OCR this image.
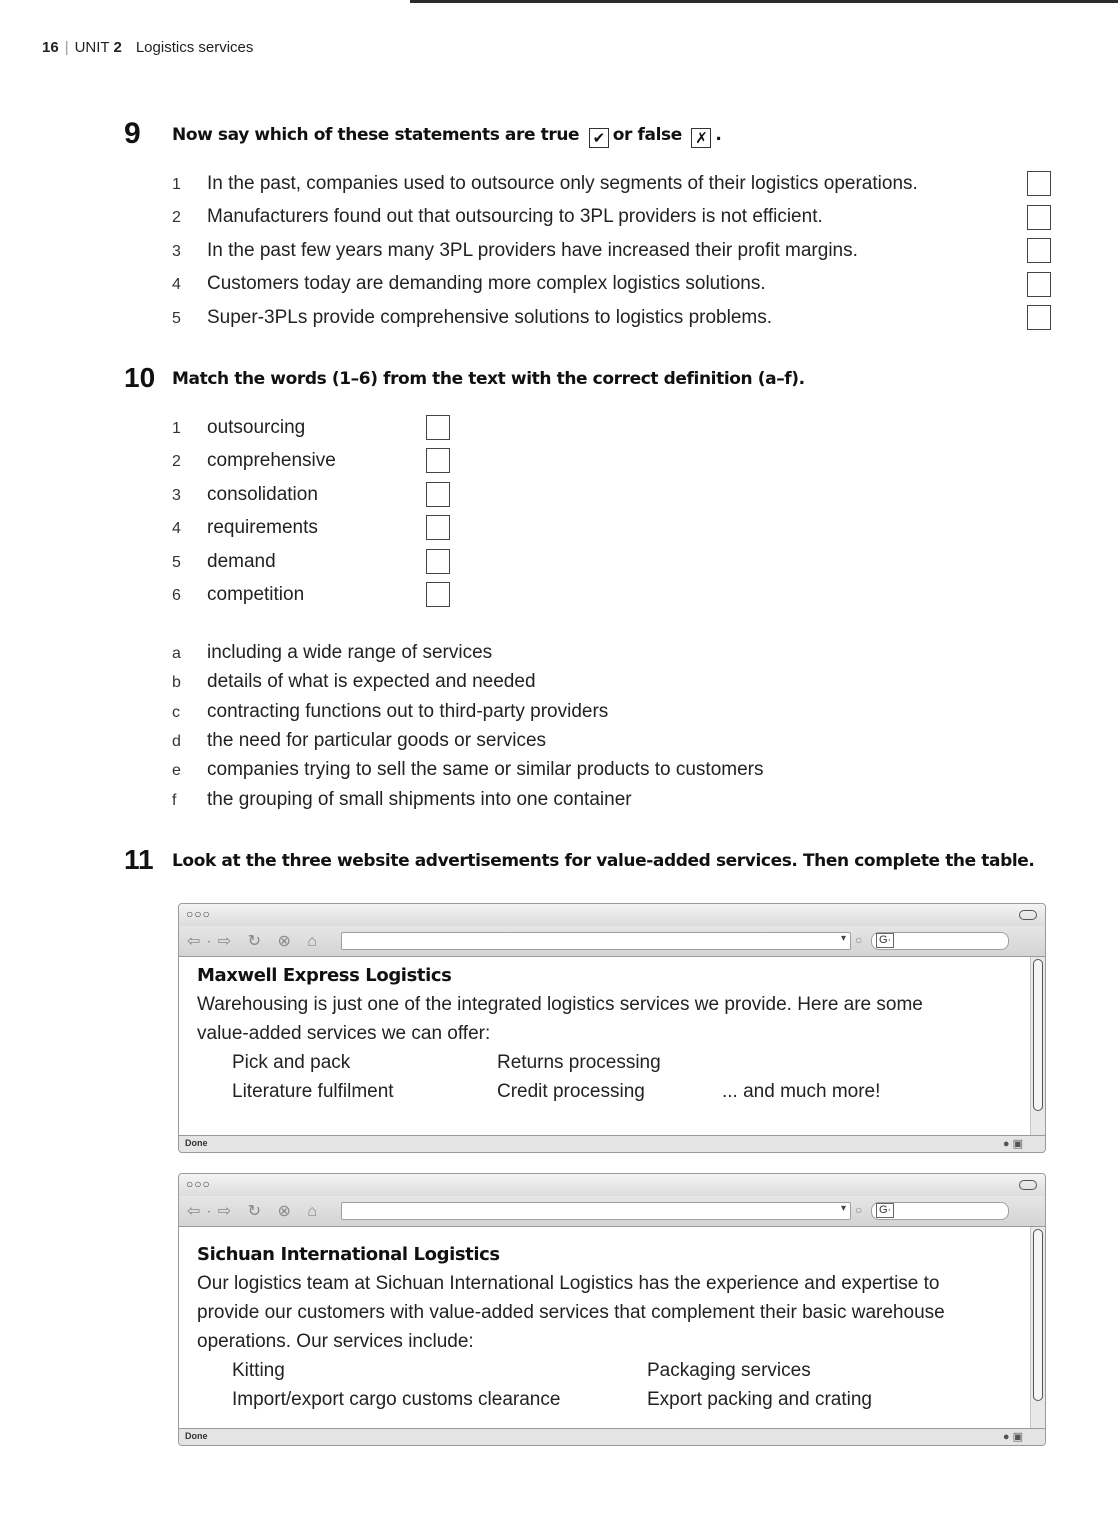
16 | UNIT 2 Logistics services
9 Now say which of these statements are true ✔ or false ✗ .
1 In the past, companies used to outsource only segments of their logistics operations.
2 Manufacturers found out that outsourcing to 3PL providers is not efficient.
3 In the past few years many 3PL providers have increased their profit margins.
4 Customers today are demanding more complex logistics solutions.
5 Super-3PLs provide comprehensive solutions to logistics problems.
10 Match the words (1–6) from the text with the correct definition (a–f).
1 outsourcing
2 comprehensive
3 consolidation
4 requirements
5 demand
6 competition
a including a wide range of services
b details of what is expected and needed
c contracting functions out to third-party providers
d the need for particular goods or services
e companies trying to sell the same or similar products to customers
f the grouping of small shipments into one container
11 Look at the three website advertisements for value-added services. Then complete the table.
○○○
⇦·⇨ ↻ ⊗ ⌂	▾ ○ G·
Maxwell Express Logistics
Warehousing is just one of the integrated logistics services we provide. Here are some
value-added services we can offer:
Pick and pack	Returns processing
Literature fulfilment	Credit processing	... and much more!
Done	● ▣
○○○
⇦·⇨ ↻ ⊗ ⌂	▾ ○ G·
Sichuan International Logistics
Our logistics team at Sichuan International Logistics has the experience and expertise to
provide our customers with value-added services that complement their basic warehouse
operations. Our services include:
Kitting	Packaging services
Import/export cargo customs clearance	Export packing and crating
Done	● ▣
